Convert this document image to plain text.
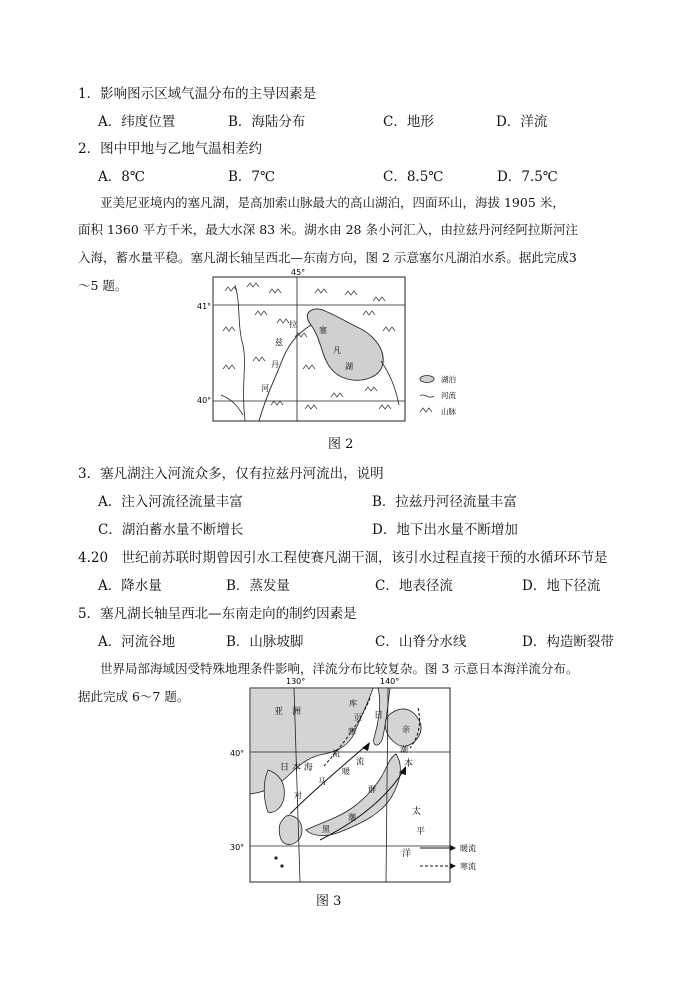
1．影响图示区域气温分布的主导因素是
A．纬度位置	B．海陆分布	C．地形	D．洋流
2．图中甲地与乙地气温相差约
A．8℃	B．7℃	C．8.5℃	D．7.5℃
亚美尼亚境内的塞凡湖，是高加索山脉最大的高山湖泊，四面环山，海拔 1905 米，
面积 1360 平方千米，最大水深 83 米。湖水由 28 条小河汇入，由拉兹丹河经阿拉斯河注
入海，蓄水量平稳。塞凡湖长轴呈西北—东南方向，图 2 示意塞尔凡湖泊水系。据此完成3
～5 题。
45°
41°
40°
拉
兹
丹
河
塞
凡
湖
湖泊
河流
山脉
图 2
3．塞凡湖注入河流众多，仅有拉兹丹河流出，说明
A．注入河流径流量丰富	B．拉兹丹河径流量丰富
C．湖泊蓄水量不断增长	D．地下出水量不断增加
4.20　世纪前苏联时期曾因引水工程使赛凡湖干涸，该引水过程直接干预的水循环环节是
A．降水量	B．蒸发量	C．地表径流	D．地下径流
5．塞凡湖长轴呈西北—东南走向的制约因素是
A．河流谷地	B．山脉坡脚	C．山脊分水线	D．构造断裂带
世界局部海域因受特殊地理条件影响，洋流分布比较复杂。图 3 示意日本海洋流分布。
据此完成 6～7 题。
130°	140°
40°
30°
亚　洲	日
日 本 海	本
库
页
寒
流
亲
潮
对
马
暖
流
群
黑
潮
太
平
洋
暖流
寒流
图 3
